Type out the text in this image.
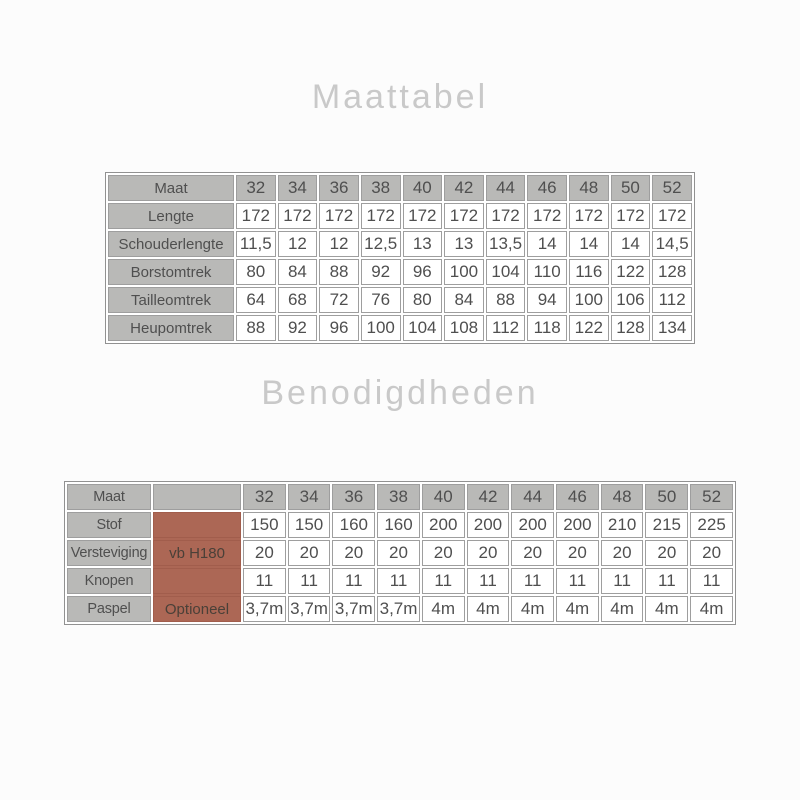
Maattabel
Maat	32	34	36	38	40	42	44	46	48	50	52
Lengte	172	172	172	172	172	172	172	172	172	172	172
Schouderlengte	11,5	12	12	12,5	13	13	13,5	14	14	14	14,5
Borstomtrek	80	84	88	92	96	100	104	110	116	122	128
Tailleomtrek	64	68	72	76	80	84	88	94	100	106	112
Heupomtrek	88	92	96	100	104	108	112	118	122	128	134
Benodigdheden
Maat		32	34	36	38	40	42	44	46	48	50	52
Stof		150	150	160	160	200	200	200	200	210	215	225
Versteviging	vb H180	20	20	20	20	20	20	20	20	20	20	20
Knopen		11	11	11	11	11	11	11	11	11	11	11
Paspel	Optioneel	3,7m	3,7m	3,7m	3,7m	4m	4m	4m	4m	4m	4m	4m
